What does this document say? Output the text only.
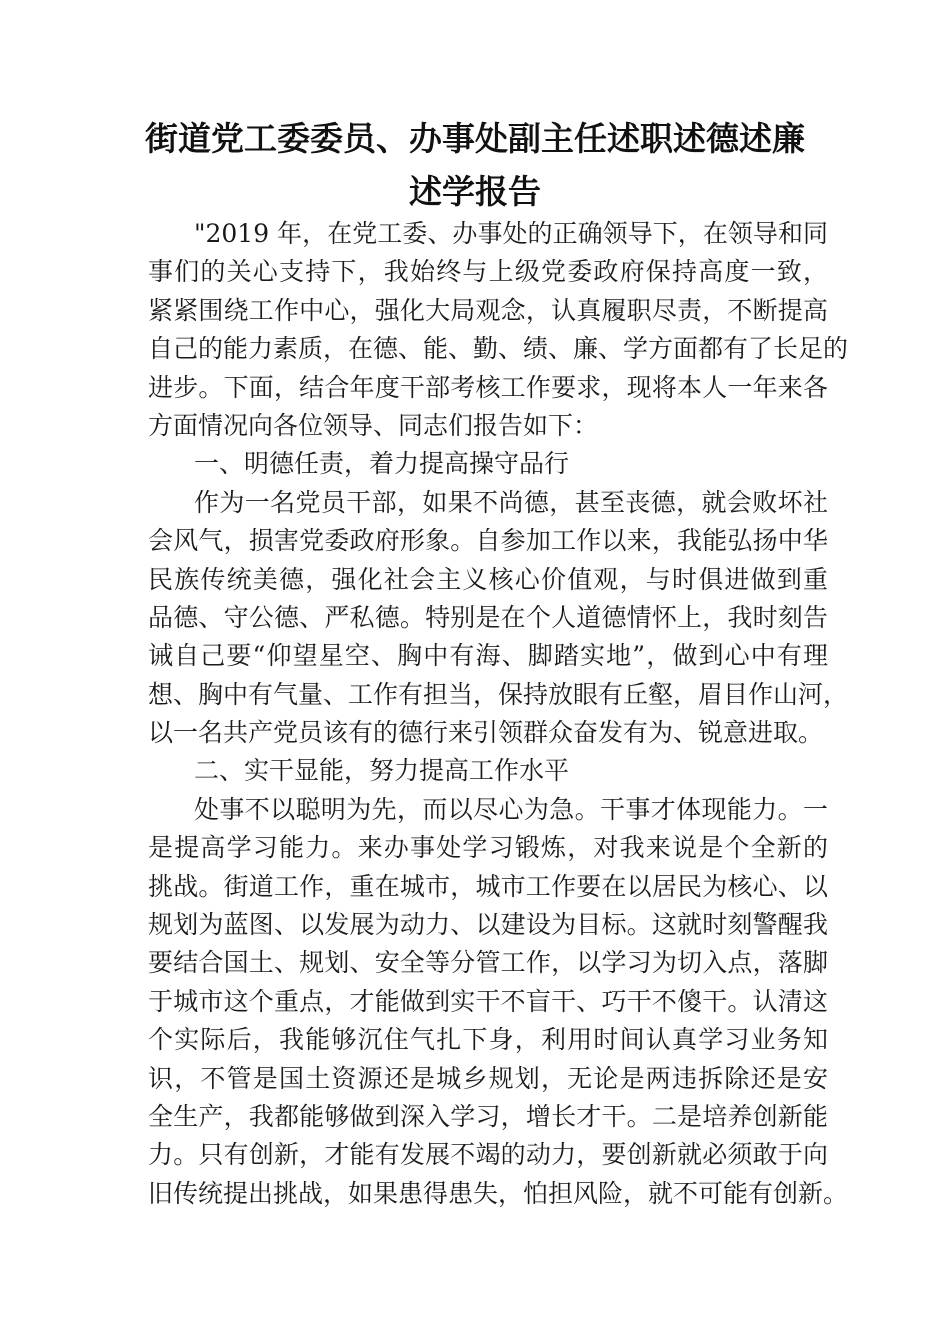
街道党工委委员、办事处副主任述职述德述廉
述学报告
"2019 年，在党工委、办事处的正确领导下，在领导和同
事们的关心支持下，我始终与上级党委政府保持高度一致，
紧紧围绕工作中心，强化大局观念，认真履职尽责，不断提高
自己的能力素质，在德、能、勤、绩、廉、学方面都有了长足的
进步。下面，结合年度干部考核工作要求，现将本人一年来各
方面情况向各位领导、同志们报告如下：
一、明德任责，着力提高操守品行
作为一名党员干部，如果不尚德，甚至丧德，就会败坏社
会风气，损害党委政府形象。自参加工作以来，我能弘扬中华
民族传统美德，强化社会主义核心价值观，与时俱进做到重
品德、守公德、严私德。特别是在个人道德情怀上，我时刻告
诫自己要“仰望星空、胸中有海、脚踏实地”，做到心中有理
想、胸中有气量、工作有担当，保持放眼有丘壑，眉目作山河，
以一名共产党员该有的德行来引领群众奋发有为、锐意进取。
二、实干显能，努力提高工作水平
处事不以聪明为先，而以尽心为急。干事才体现能力。一
是提高学习能力。来办事处学习锻炼，对我来说是个全新的
挑战。街道工作，重在城市，城市工作要在以居民为核心、以
规划为蓝图、以发展为动力、以建设为目标。这就时刻警醒我
要结合国土、规划、安全等分管工作，以学习为切入点，落脚
于城市这个重点，才能做到实干不盲干、巧干不傻干。认清这
个实际后，我能够沉住气扎下身，利用时间认真学习业务知
识，不管是国土资源还是城乡规划，无论是两违拆除还是安
全生产，我都能够做到深入学习，增长才干。二是培养创新能
力。只有创新，才能有发展不竭的动力，要创新就必须敢于向
旧传统提出挑战，如果患得患失，怕担风险，就不可能有创新。
